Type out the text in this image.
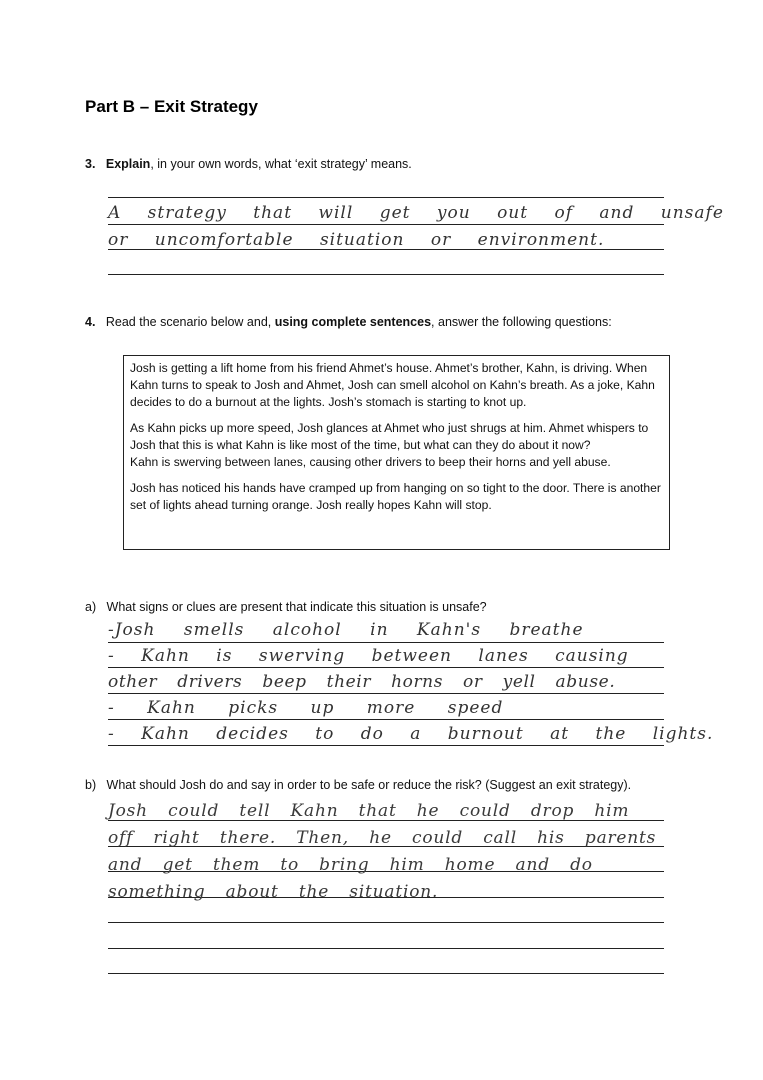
Part B – Exit Strategy
3. Explain, in your own words, what ‘exit strategy’ means.
A strategy that will get you out of and unsafe
or uncomfortable situation or environment.
4. Read the scenario below and, using complete sentences, answer the following questions:

Josh is getting a lift home from his friend Ahmet’s house. Ahmet’s brother, Kahn, is driving. When Kahn turns to speak to Josh and Ahmet, Josh can smell alcohol on Kahn’s breath. As a joke, Kahn decides to do a burnout at the lights. Josh’s stomach is starting to knot up.

As Kahn picks up more speed, Josh glances at Ahmet who just shrugs at him. Ahmet whispers to Josh that this is what Kahn is like most of the time, but what can they do about it now?

Kahn is swerving between lanes, causing other drivers to beep their horns and yell abuse.

Josh has noticed his hands have cramped up from hanging on so tight to the door. There is another set of lights ahead turning orange. Josh really hopes Kahn will stop.

a) What signs or clues are present that indicate this situation is unsafe?
-Josh smells alcohol in Kahn's breathe
- Kahn is swerving between lanes causing
other drivers beep their horns or yell abuse.
- Kahn picks up more speed
- Kahn decides to do a burnout at the lights.
b) What should Josh do and say in order to be safe or reduce the risk? (Suggest an exit strategy).
Josh could tell Kahn that he could drop him off right there. Then, he could call his parents and get them to bring him home and do something about the situation.
